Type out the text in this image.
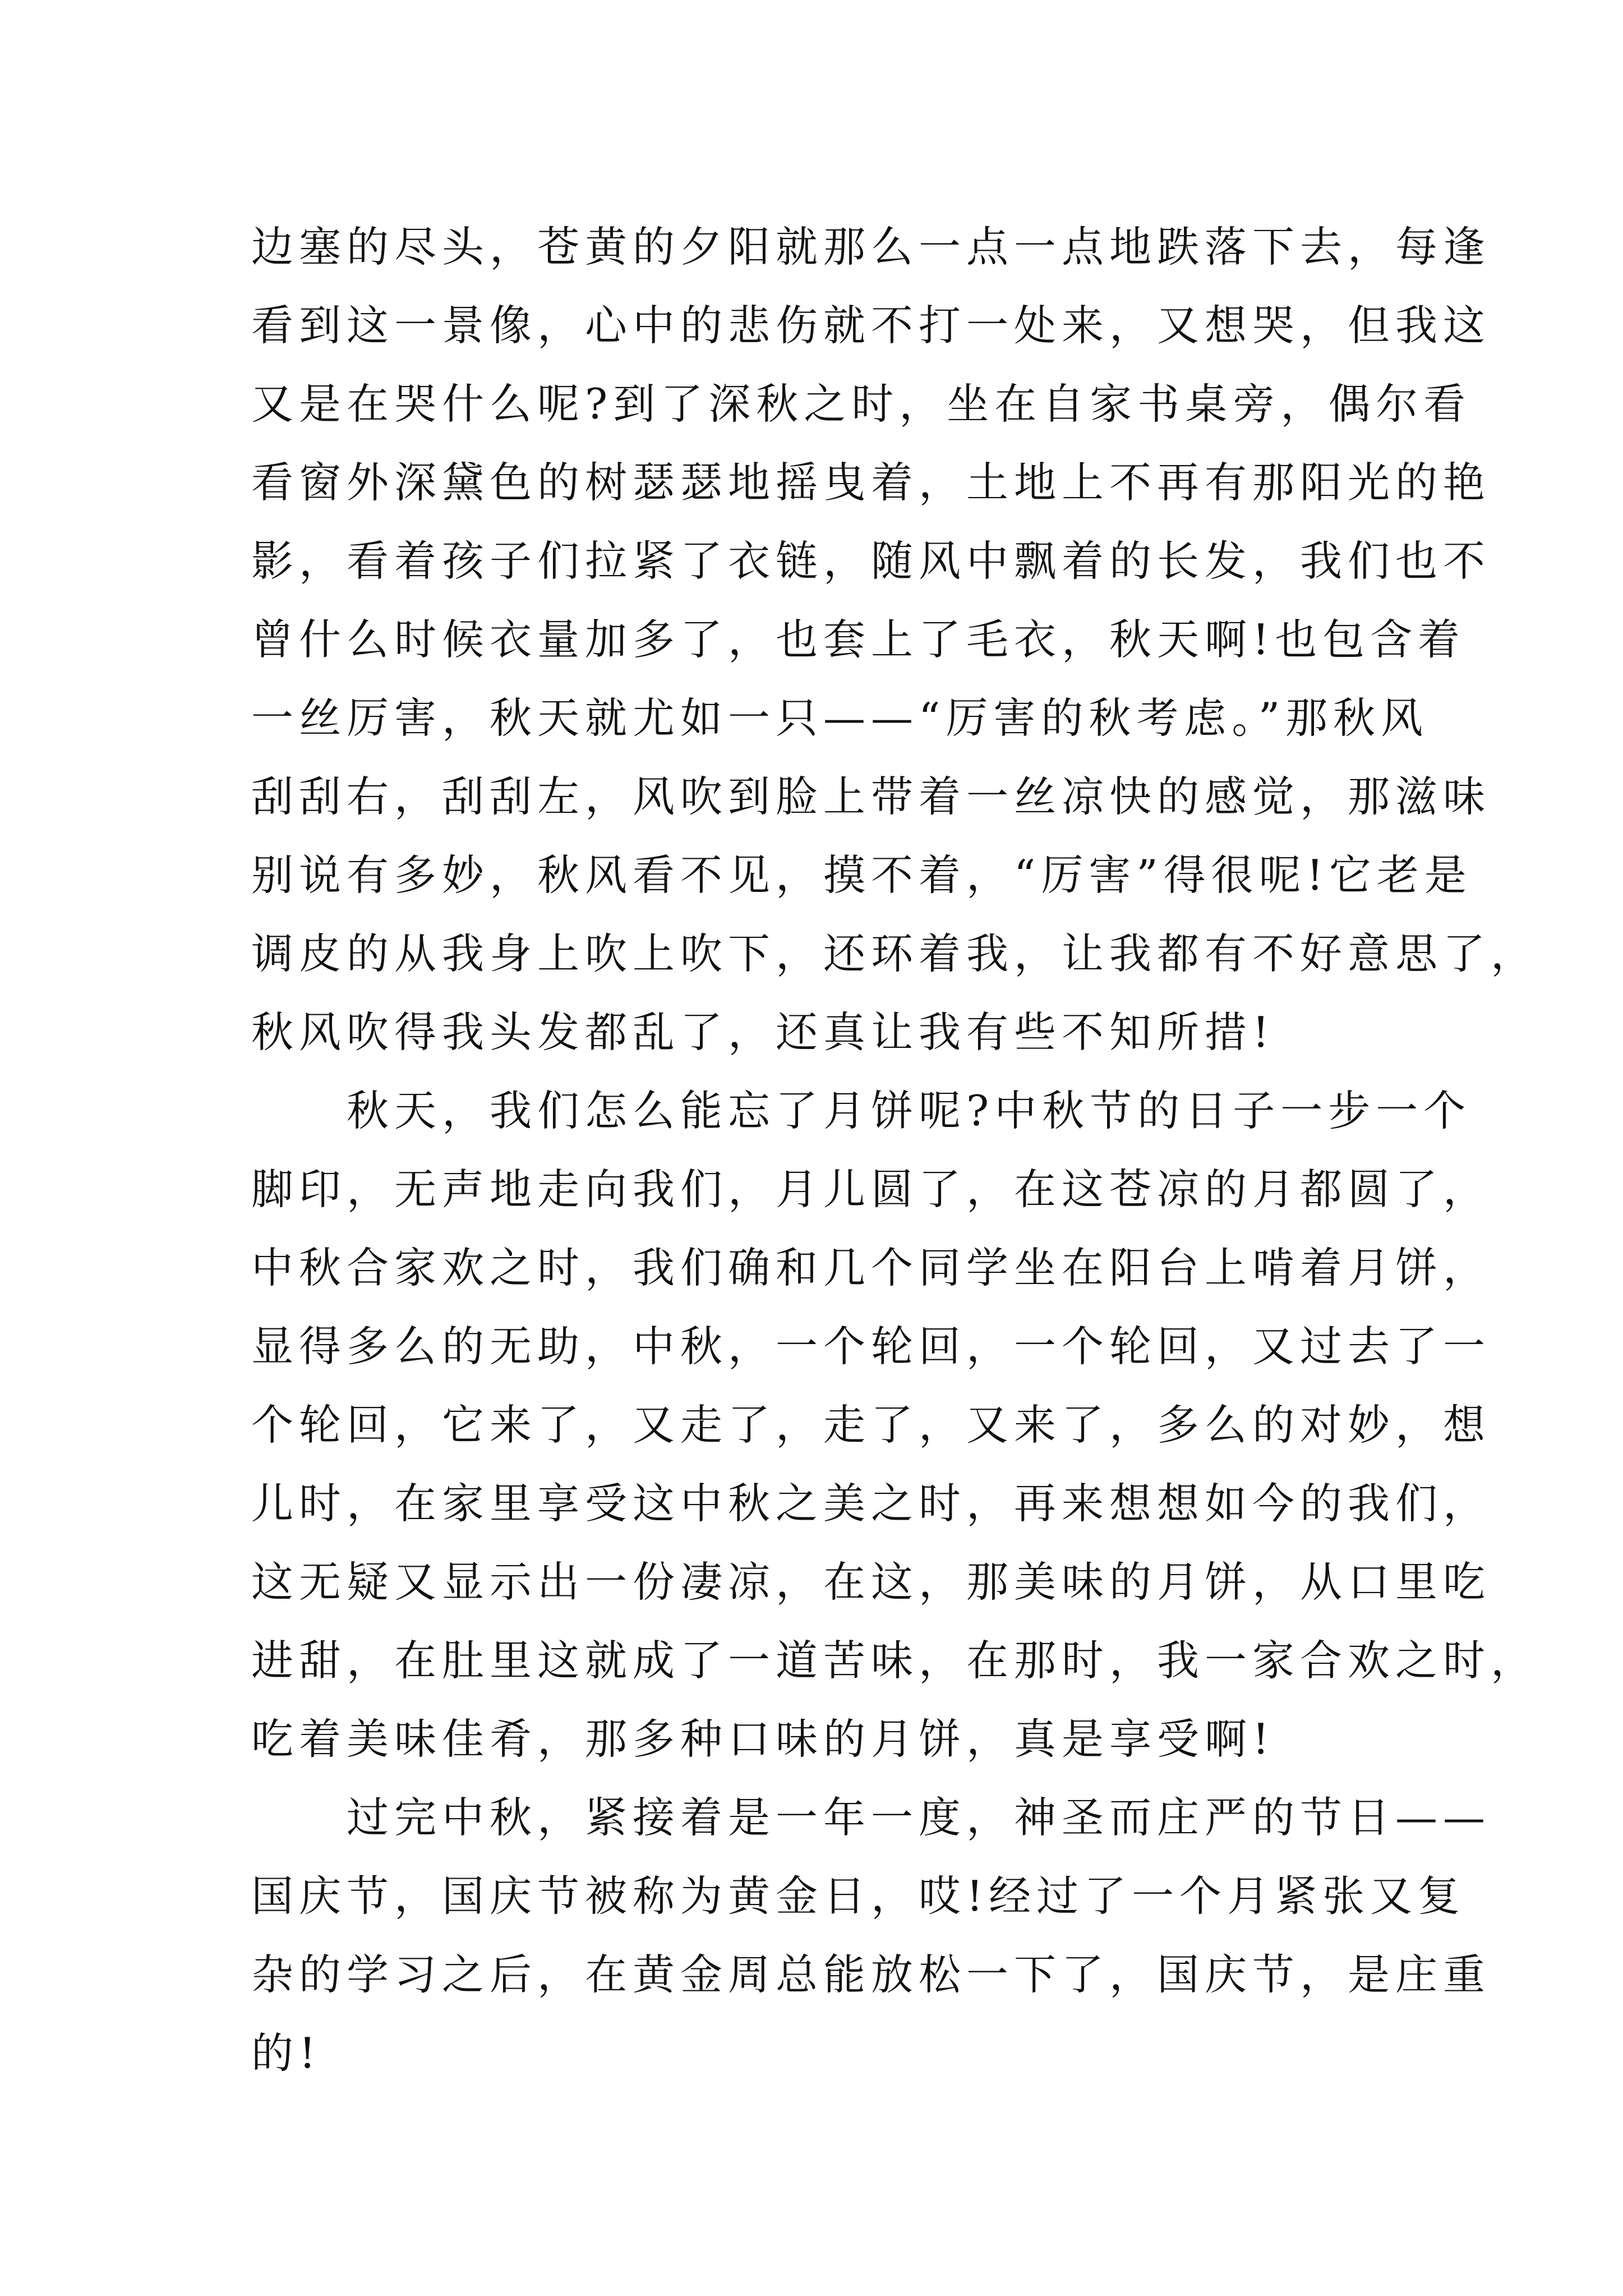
边塞的尽头，苍黄的夕阳就那么一点一点地跌落下去，每逢
看到这一景像，心中的悲伤就不打一处来，又想哭，但我这
又是在哭什么呢?到了深秋之时，坐在自家书桌旁，偶尔看
看窗外深黛色的树瑟瑟地摇曳着，土地上不再有那阳光的艳
影，看着孩子们拉紧了衣链，随风中飘着的长发，我们也不
曾什么时候衣量加多了，也套上了毛衣，秋天啊!也包含着
一丝厉害，秋天就尤如一只——“厉害的秋考虑。”那秋风
刮刮右，刮刮左，风吹到脸上带着一丝凉快的感觉，那滋味
别说有多妙，秋风看不见，摸不着，“厉害”得很呢!它老是
调皮的从我身上吹上吹下，还环着我，让我都有不好意思了，
秋风吹得我头发都乱了，还真让我有些不知所措!
　　秋天，我们怎么能忘了月饼呢?中秋节的日子一步一个
脚印，无声地走向我们，月儿圆了，在这苍凉的月都圆了，
中秋合家欢之时，我们确和几个同学坐在阳台上啃着月饼，
显得多么的无助，中秋，一个轮回，一个轮回，又过去了一
个轮回，它来了，又走了，走了，又来了，多么的对妙，想
儿时，在家里享受这中秋之美之时，再来想想如今的我们，
这无疑又显示出一份凄凉，在这，那美味的月饼，从口里吃
进甜，在肚里这就成了一道苦味，在那时，我一家合欢之时，
吃着美味佳肴，那多种口味的月饼，真是享受啊!
　　过完中秋，紧接着是一年一度，神圣而庄严的节日——
国庆节，国庆节被称为黄金日，哎!经过了一个月紧张又复
杂的学习之后，在黄金周总能放松一下了，国庆节，是庄重
的!
